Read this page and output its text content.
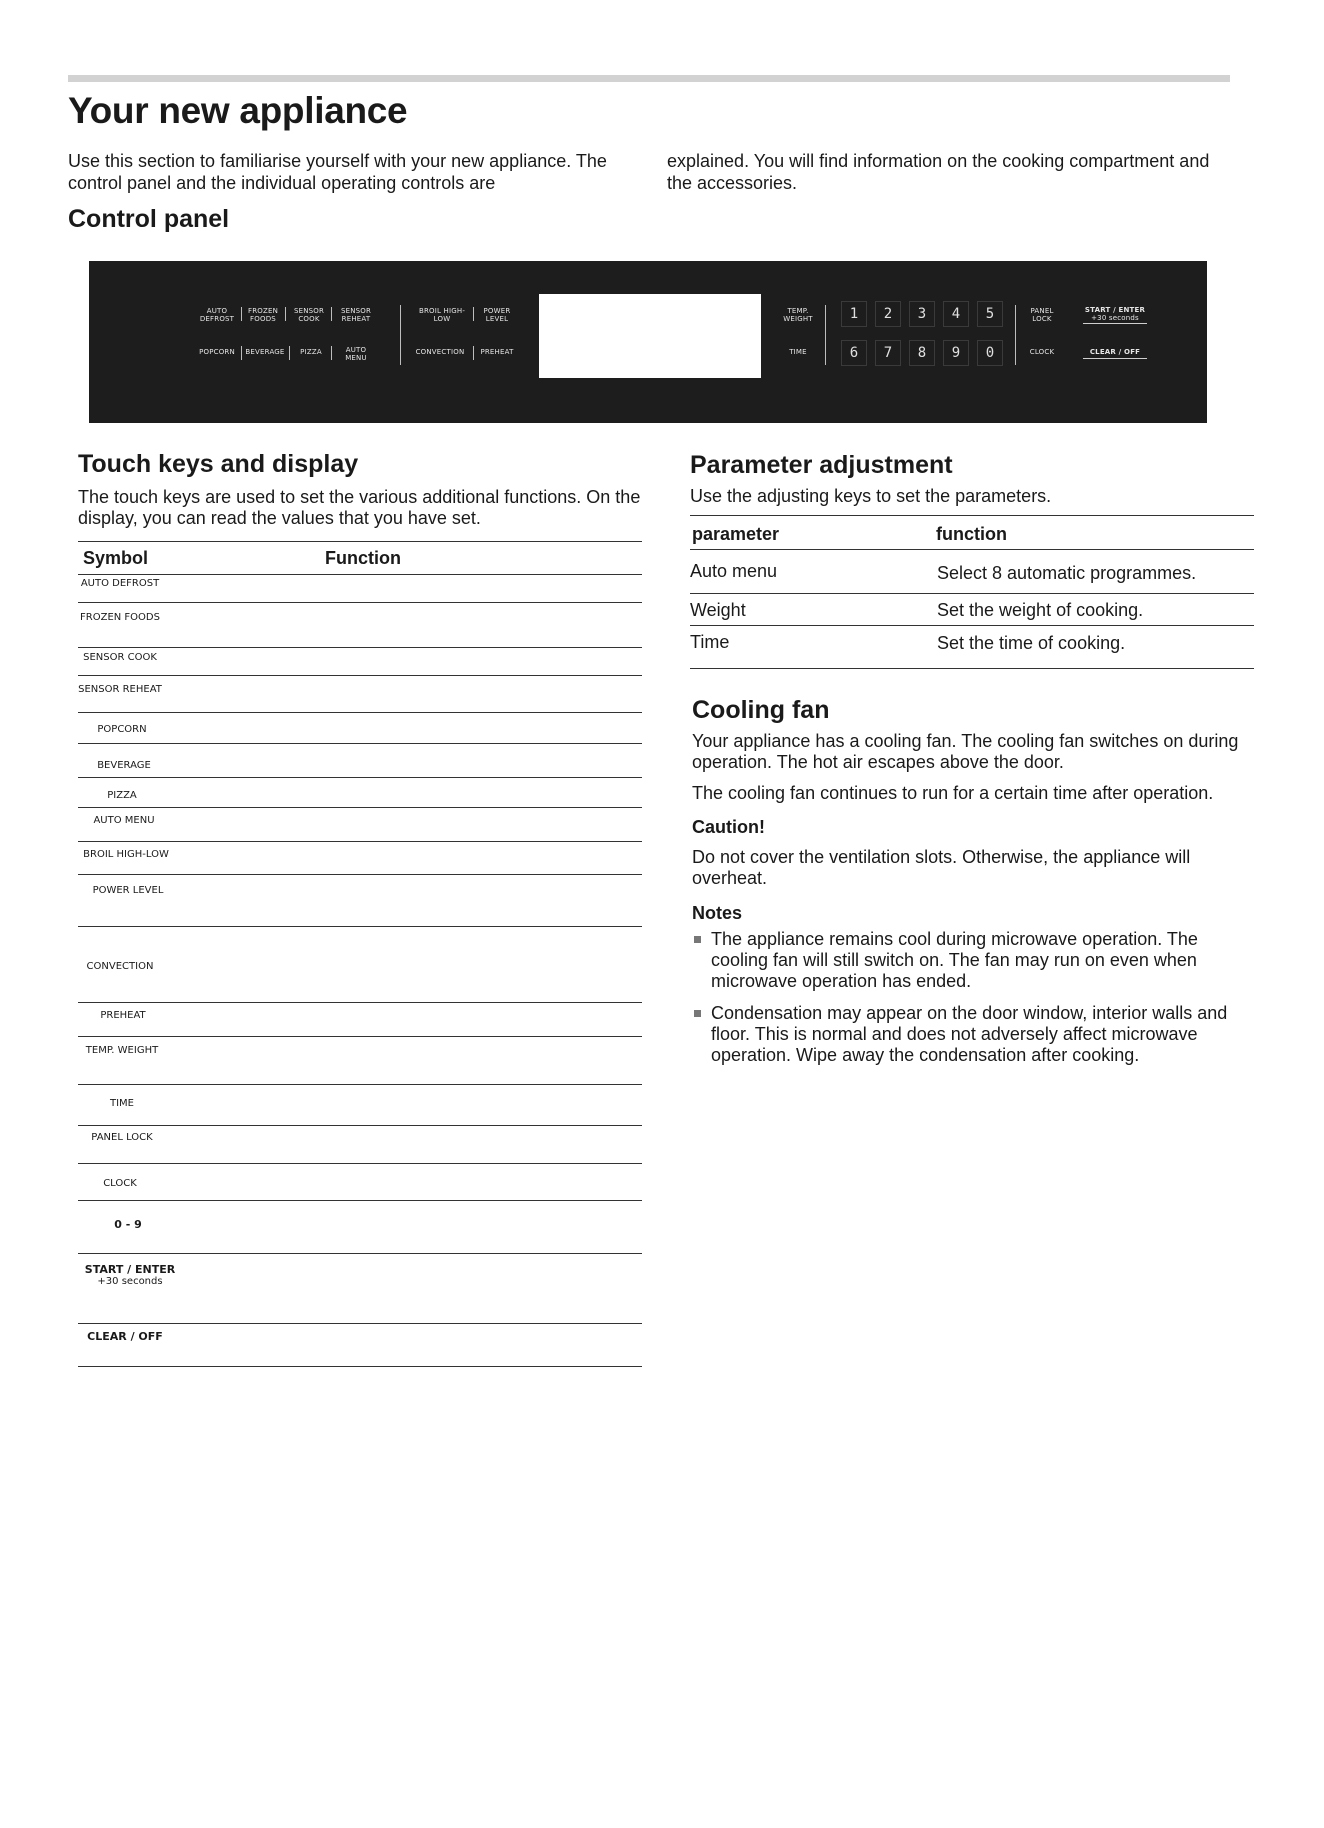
Your new appliance
Use this section to familiarise yourself with your new appliance. The control panel and the individual operating controls are
explained. You will find information on the cooking compartment and the accessories.
Control panel
AUTO DEFROST
FROZEN FOODS
SENSOR COOK
SENSOR REHEAT
POPCORN BEVERAGE	PIZZA	AUTO MENU
BROIL HIGH-LOW
POWER LEVEL
CONVECTION	PREHEAT
TEMP. WEIGHT
TIME
1	2	3	4	5
6	7	8	9	0
PANEL LOCK
CLOCK
START / ENTER
+30 seconds
CLEAR / OFF
Touch keys and display
The touch keys are used to set the various additional functions. On the display, you can read the values that you have set.
Symbol	Function
AUTO DEFROST
FROZEN FOODS
SENSOR COOK
SENSOR REHEAT
POPCORN
BEVERAGE
PIZZA
AUTO MENU
BROIL HIGH-LOW
POWER LEVEL
CONVECTION
PREHEAT
TEMP. WEIGHT
TIME
PANEL LOCK
CLOCK
0 - 9
START / ENTER
+30 seconds
CLEAR / OFF
Parameter adjustment
Use the adjusting keys to set the parameters.
parameter	function
Auto menu	Select 8 automatic programmes.
Weight	Set the weight of cooking.
Time	Set the time of cooking.
Cooling fan
Your appliance has a cooling fan. The cooling fan switches on during operation. The hot air escapes above the door.
The cooling fan continues to run for a certain time after operation.
Caution!
Do not cover the ventilation slots. Otherwise, the appliance will overheat.
Notes
The appliance remains cool during microwave operation. The cooling fan will still switch on. The fan may run on even when microwave operation has ended.
Condensation may appear on the door window, interior walls and floor. This is normal and does not adversely affect microwave operation. Wipe away the condensation after cooking.
